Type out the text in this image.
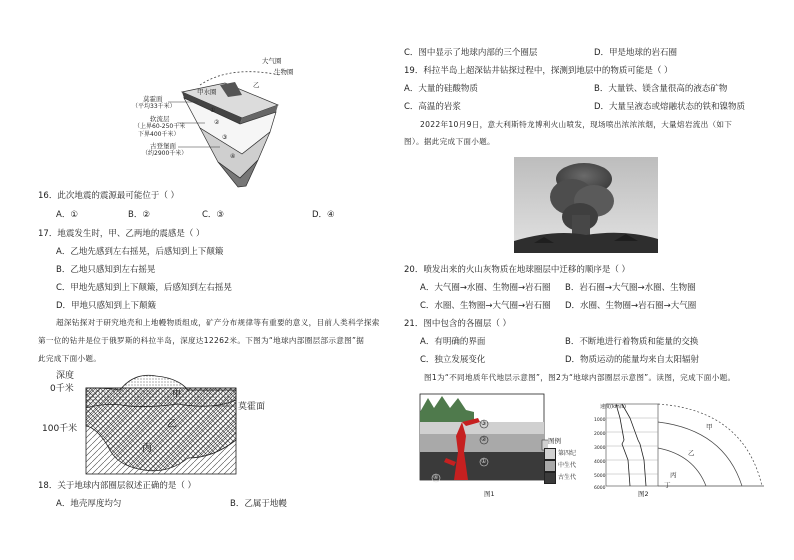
大气圈
生物圈
甲水圈
乙
莫霍面
（平均33千米）
软流层
（上界60-250千米
下界400千米）
古登堡面
（约2900千米）
①
②
③
④
16．此次地震的震源最可能位于（ ）
A．①	B．②	C．③	D．④
17．地震发生时，甲、乙两地的震感是（ ）
A．乙地先感到左右摇晃，后感知到上下颠簸
B．乙地只感知到左右摇晃
C．甲地先感知到上下颠簸，后感知到左右摇晃
D．甲地只感知到上下颠簸
超深钻探对于研究地壳和上地幔物质组成，矿产分布规律等有重要的意义，目前人类科学探索
第一位的钻井是位于俄罗斯的科拉半岛，深度达12262米。下图为“地球内部圈层部示意图”据
此完成下面小题。
深度
0千米
100千米
甲
乙
丙
莫霍面
18．关于地球内部圈层叙述正确的是（ ）
A．地壳厚度均匀	B．乙属于地幔
C．图中显示了地球内部的三个圈层	D．甲是地球的岩石圈
19．科拉半岛上超深钻井钻探过程中，探测到地层中的物质可能是（ ）
A．大量的硅酸物质	B．大量铁、镁含量很高的液态矿物
C．高温的岩浆	D．大量呈液态或熔融状态的铁和镍物质
2022年10月9日，意大利斯特龙博利火山喷发，现场喷出浓浓浓烟，大量熔岩流出（如下
图）。据此完成下面小题。
20．喷发出来的火山灰物质在地球圈层中迁移的顺序是（ ）
A．大气圈→水圈、生物圈→岩石圈 B．岩石圈→大气圈→水圈、生物圈
C．水圈、生物圈→大气圈→岩石圈 D．水圈、生物圈→岩石圈→大气圈
21．图中包含的各圈层（ ）
A．有明确的界面	B．不断地进行着物质和能量的交换
C．独立发展变化	D．物质运动的能量均来自太阳辐射
图1为“不同地质年代地层示意图”，图2为“地球内部圈层示意图”。读图，完成下面小题。
③
②
①
④
图例
第四纪
中生代
古生代
图1
速度(km/s)
1000
2000
3000
4000
5000
6000
甲
乙
丙
丁
图2
